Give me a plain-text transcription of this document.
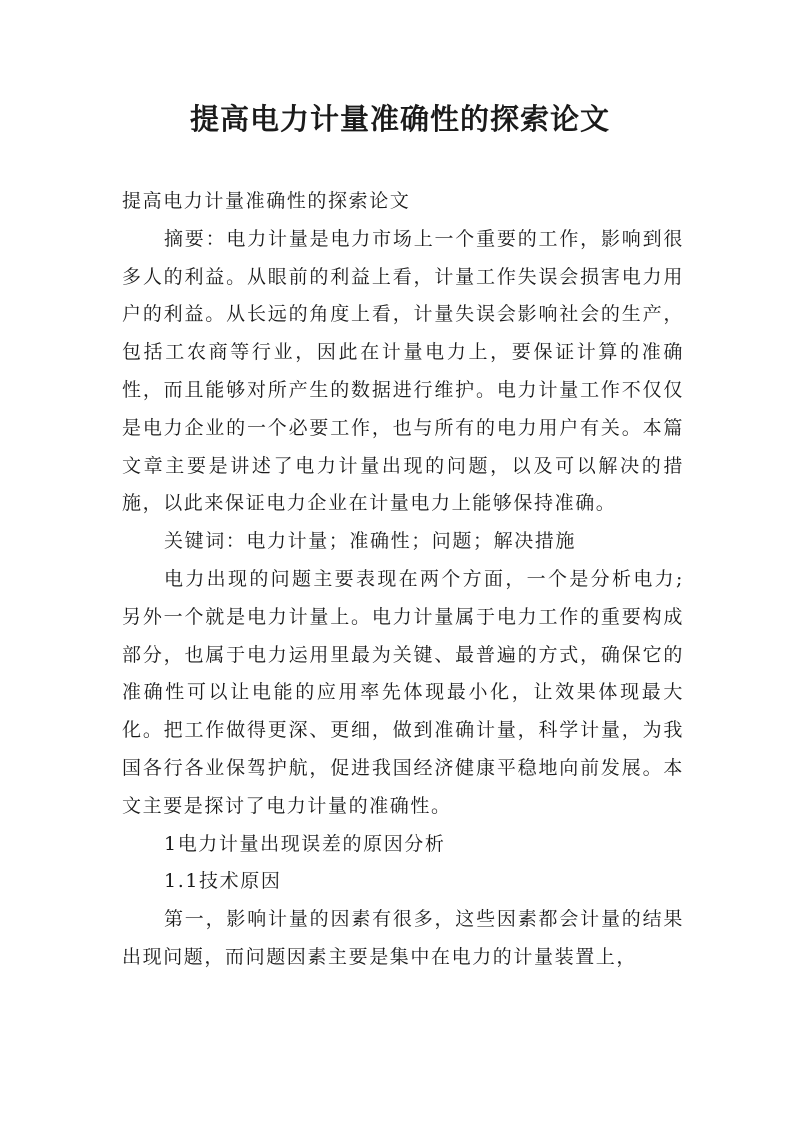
提高电力计量准确性的探索论文

提高电力计量准确性的探索论文

摘要：电力计量是电力市场上一个重要的工作，影响到很多人的利益。从眼前的利益上看，计量工作失误会损害电力用户的利益。从长远的角度上看，计量失误会影响社会的生产，包括工农商等行业，因此在计量电力上，要保证计算的准确性，而且能够对所产生的数据进行维护。电力计量工作不仅仅是电力企业的一个必要工作，也与所有的电力用户有关。本篇文章主要是讲述了电力计量出现的问题，以及可以解决的措施，以此来保证电力企业在计量电力上能够保持准确。

关键词：电力计量；准确性；问题；解决措施

电力出现的问题主要表现在两个方面，一个是分析电力;另外一个就是电力计量上。电力计量属于电力工作的重要构成部分，也属于电力运用里最为关键、最普遍的方式，确保它的准确性可以让电能的应用率先体现最小化，让效果体现最大化。把工作做得更深、更细，做到准确计量，科学计量，为我国各行各业保驾护航，促进我国经济健康平稳地向前发展。本文主要是探讨了电力计量的准确性。

1电力计量出现误差的原因分析

1.1技术原因

第一，影响计量的因素有很多，这些因素都会计量的结果出现问题，而问题因素主要是集中在电力的计量装置上，
